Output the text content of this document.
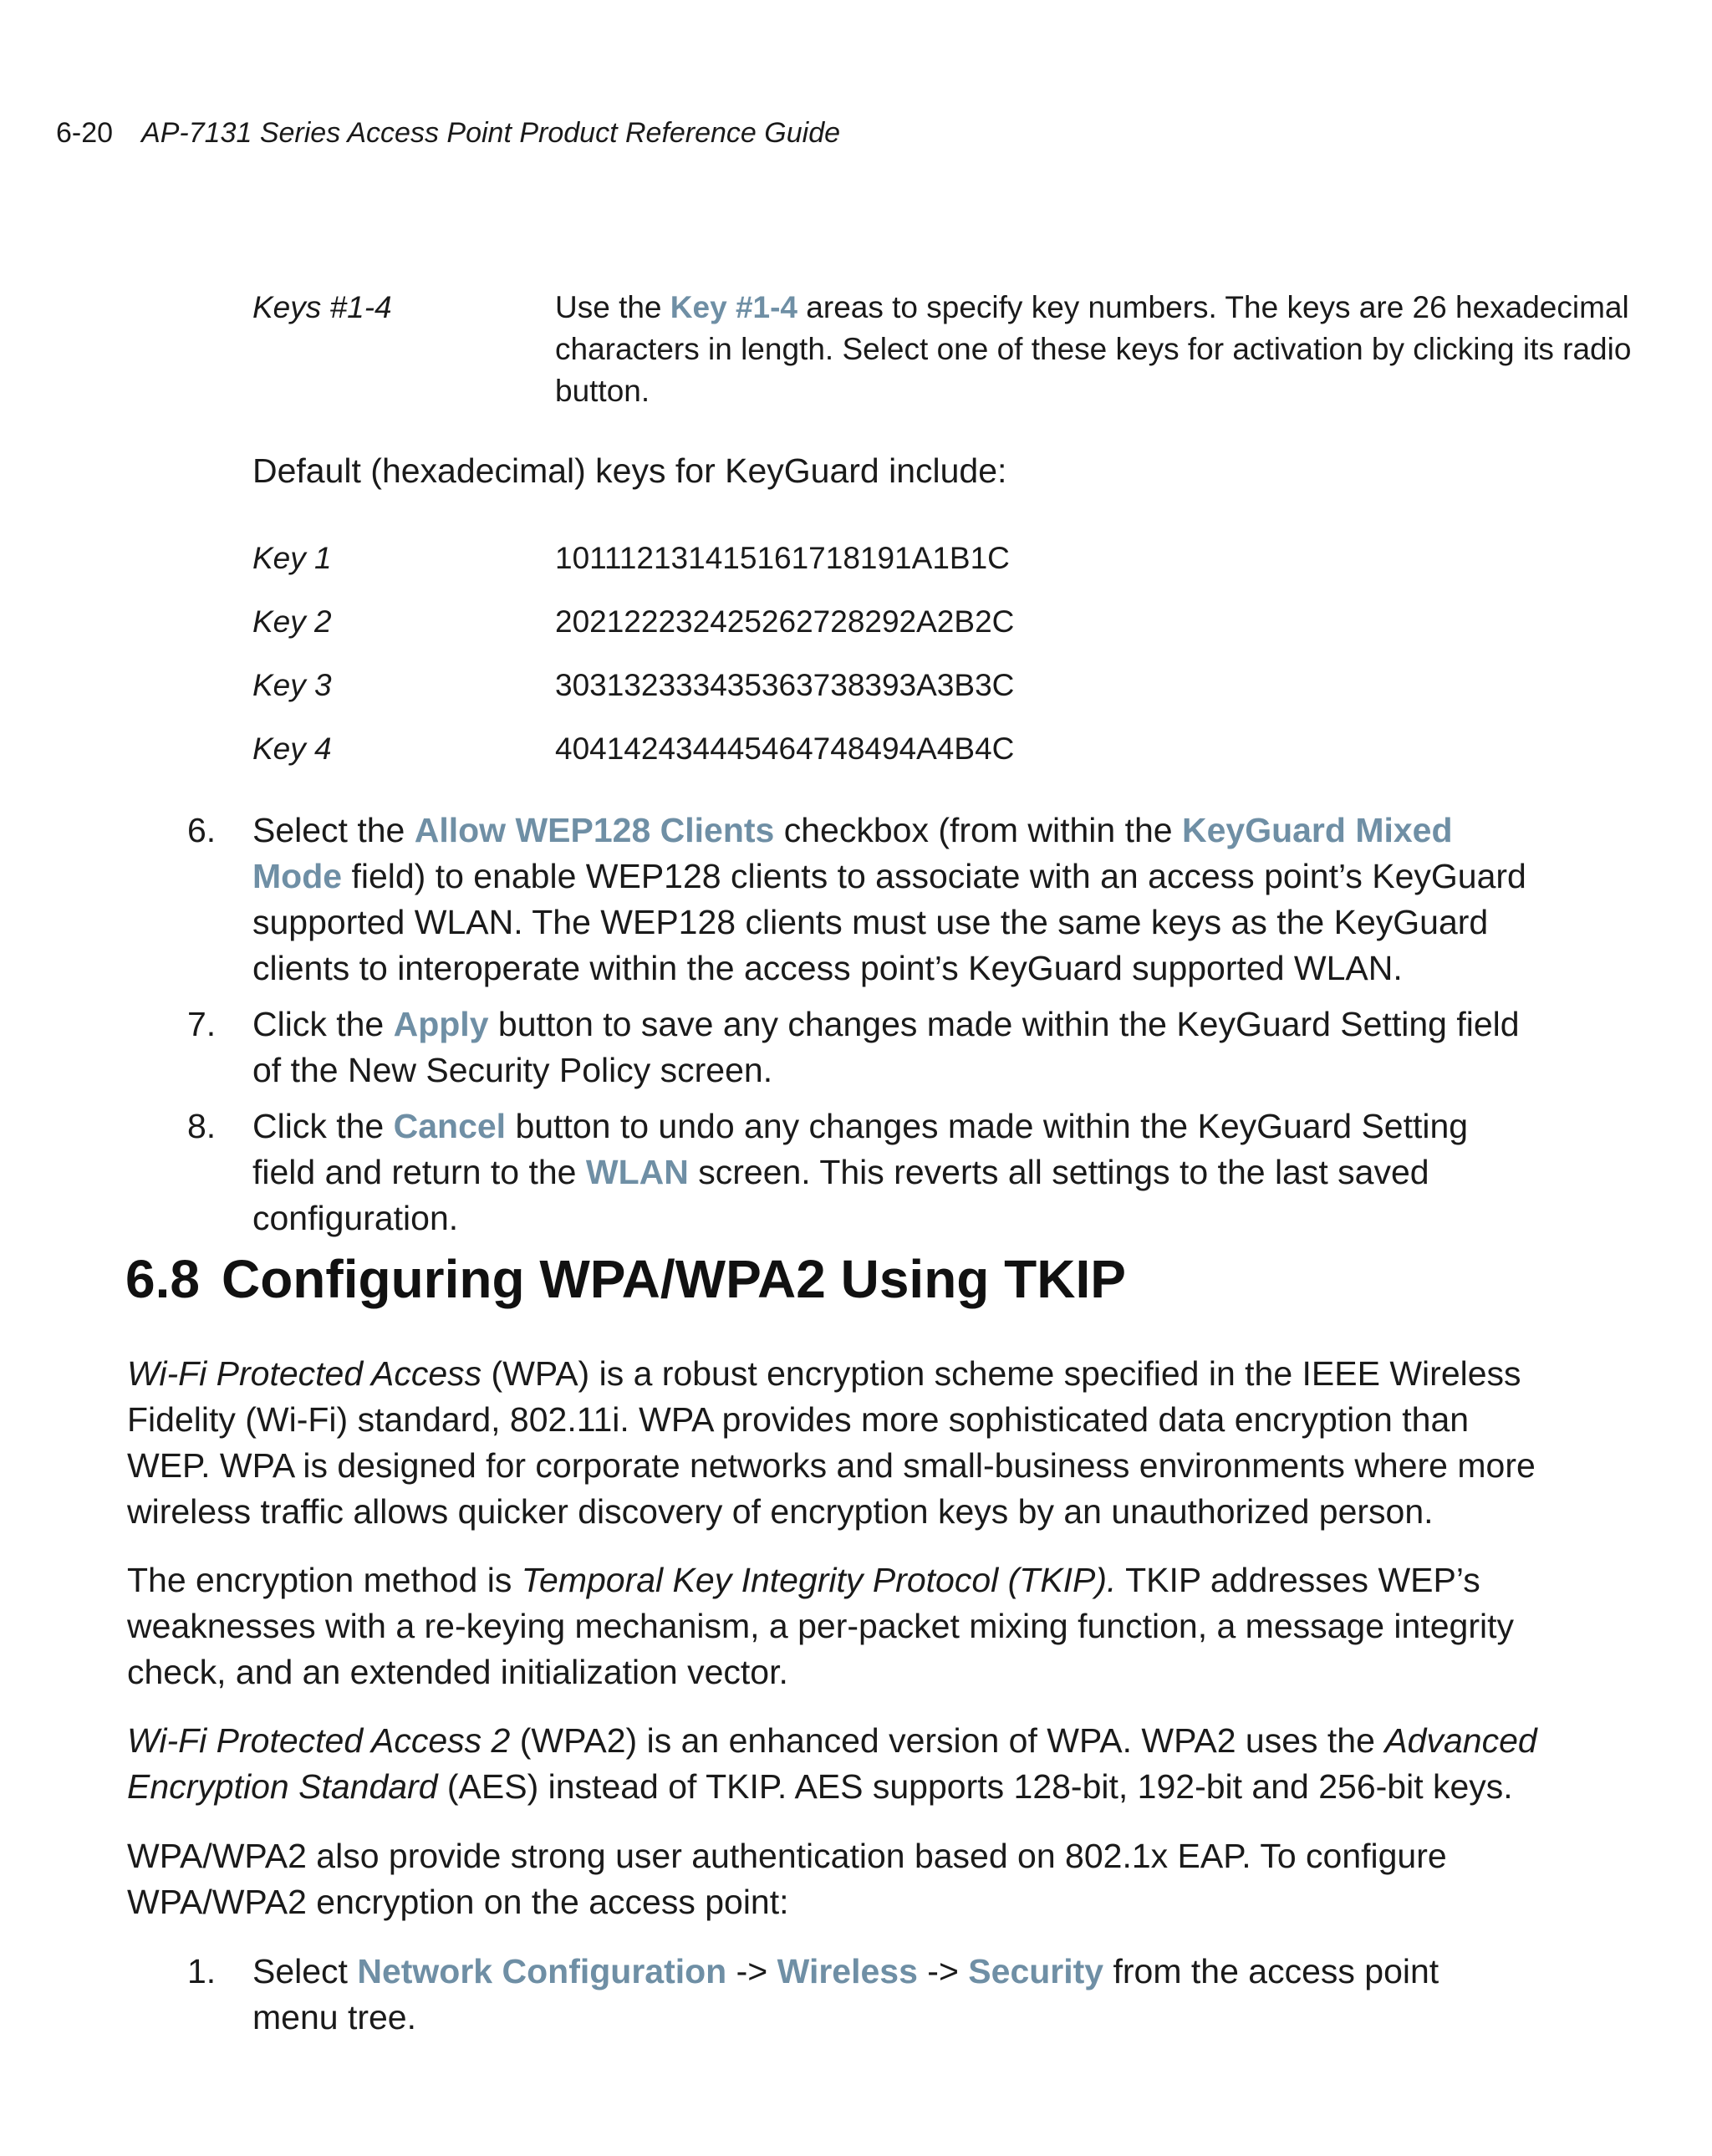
6-20 AP-7131 Series Access Point Product Reference Guide
Keys #1-4	Use the Key #1-4 areas to specify key numbers. The keys are 26 hexadecimal characters in length. Select one of these keys for activation by clicking its radio button.
Default (hexadecimal) keys for KeyGuard include:
Key 1	101112131415161718191A1B1C
Key 2	202122232425262728292A2B2C
Key 3	303132333435363738393A3B3C
Key 4	404142434445464748494A4B4C
6. Select the Allow WEP128 Clients checkbox (from within the KeyGuard Mixed Mode field) to enable WEP128 clients to associate with an access point’s KeyGuard supported WLAN. The WEP128 clients must use the same keys as the KeyGuard clients to interoperate within the access point’s KeyGuard supported WLAN.
7. Click the Apply button to save any changes made within the KeyGuard Setting field of the New Security Policy screen.
8. Click the Cancel button to undo any changes made within the KeyGuard Setting field and return to the WLAN screen. This reverts all settings to the last saved configuration.
6.8 Configuring WPA/WPA2 Using TKIP
Wi-Fi Protected Access (WPA) is a robust encryption scheme specified in the IEEE Wireless Fidelity (Wi-Fi) standard, 802.11i. WPA provides more sophisticated data encryption than WEP. WPA is designed for corporate networks and small-business environments where more wireless traffic allows quicker discovery of encryption keys by an unauthorized person.
The encryption method is Temporal Key Integrity Protocol (TKIP). TKIP addresses WEP’s weaknesses with a re-keying mechanism, a per-packet mixing function, a message integrity check, and an extended initialization vector.
Wi-Fi Protected Access 2 (WPA2) is an enhanced version of WPA. WPA2 uses the Advanced Encryption Standard (AES) instead of TKIP. AES supports 128-bit, 192-bit and 256-bit keys.
WPA/WPA2 also provide strong user authentication based on 802.1x EAP. To configure WPA/WPA2 encryption on the access point:
1. Select Network Configuration -> Wireless -> Security from the access point menu tree.
